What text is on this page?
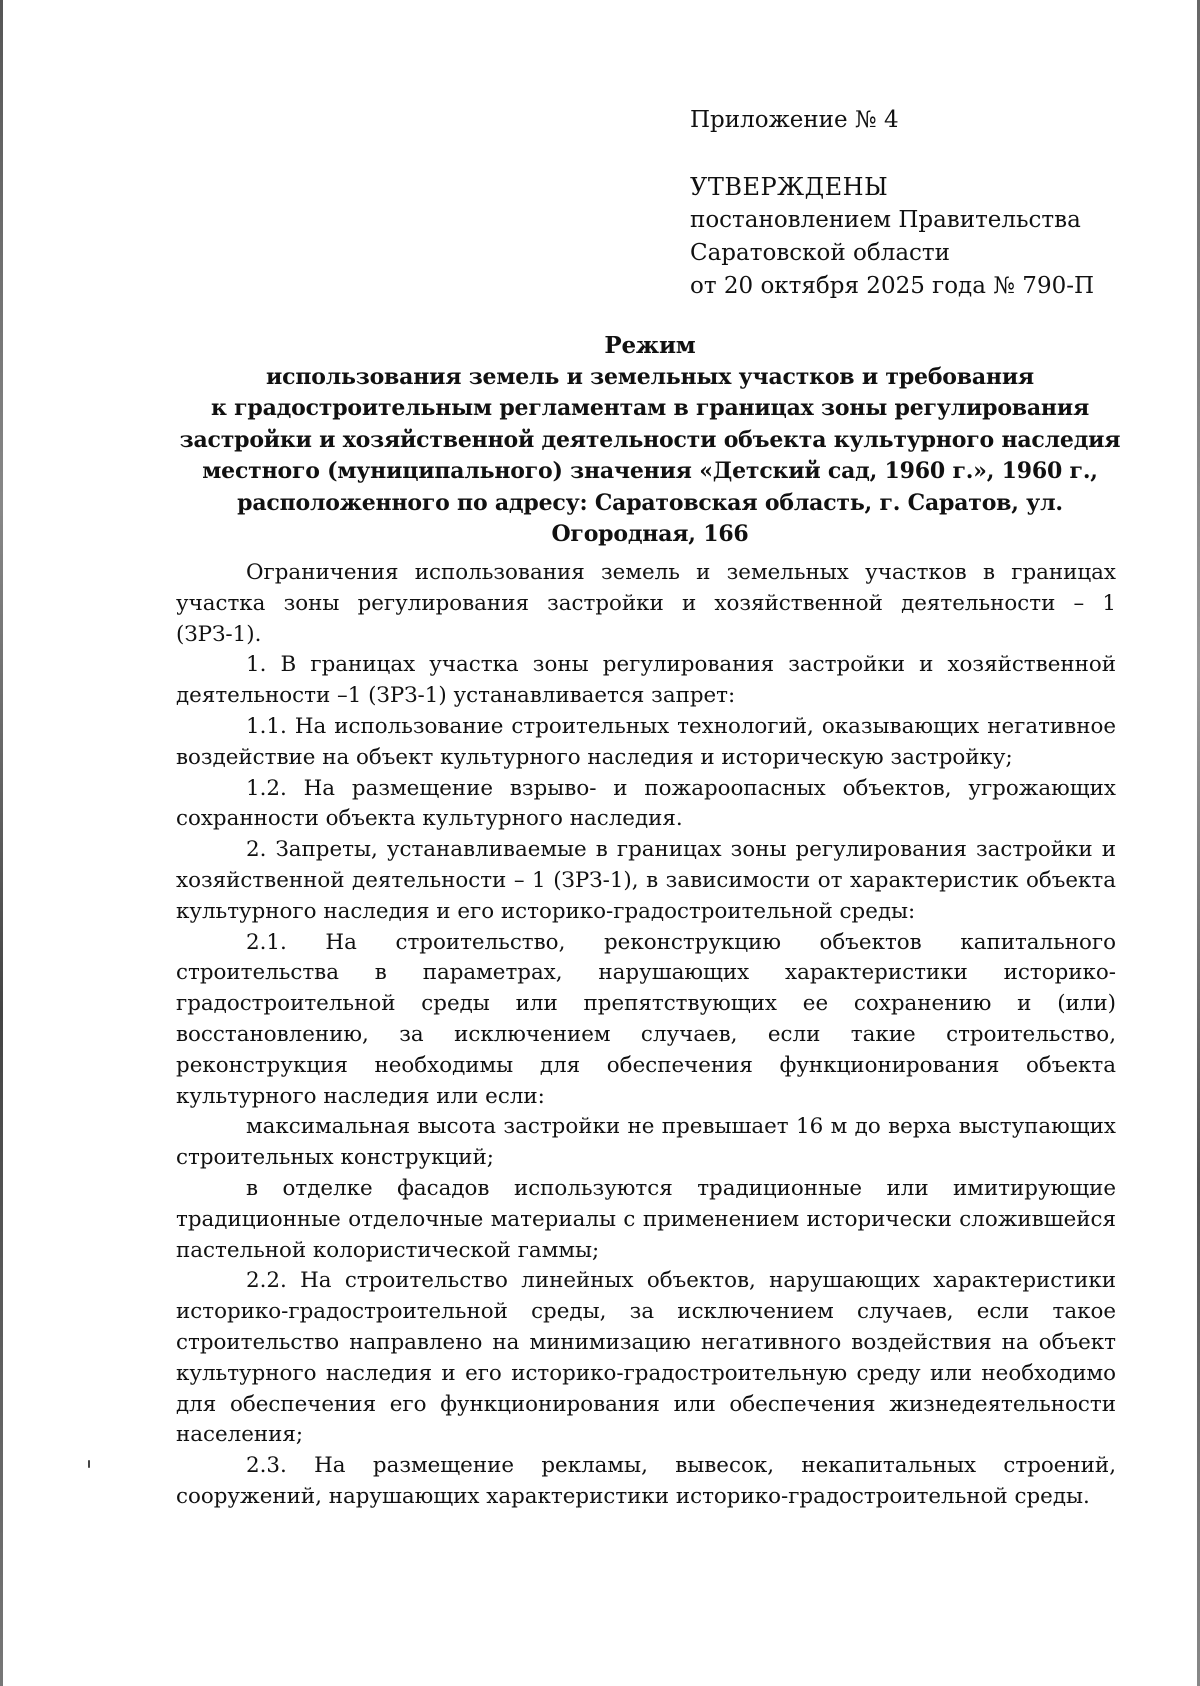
Приложение № 4
УТВЕРЖДЕНЫ
постановлением Правительства
Саратовской области
от 20 октября 2025 года № 790-П
Режим
использования земель и земельных участков и требования
к градостроительным регламентам в границах зоны регулирования
застройки и хозяйственной деятельности объекта культурного наследия
местного (муниципального) значения «Детский сад, 1960 г.», 1960 г.,
расположенного по адресу: Саратовская область, г. Саратов, ул. Огородная, 166

Ограничения использования земель и земельных участков в границах участка зоны регулирования застройки и хозяйственной деятельности – 1 (ЗРЗ-1).

1. В границах участка зоны регулирования застройки и хозяйственной деятельности –1 (ЗРЗ-1) устанавливается запрет:

1.1. На использование строительных технологий, оказывающих негативное воздействие на объект культурного наследия и историческую застройку;

1.2. На размещение взрыво- и пожароопасных объектов, угрожающих сохранности объекта культурного наследия.

2. Запреты, устанавливаемые в границах зоны регулирования застройки и хозяйственной деятельности – 1 (ЗРЗ-1), в зависимости от характеристик объекта культурного наследия и его историко-градостроительной среды:

2.1. На строительство, реконструкцию объектов капитального строительства в параметрах, нарушающих характеристики историко-градостроительной среды или препятствующих ее сохранению и (или) восстановлению, за исключением случаев, если такие строительство, реконструкция необходимы для обеспечения функционирования объекта культурного наследия или если:

максимальная высота застройки не превышает 16 м до верха выступающих строительных конструкций;

в отделке фасадов используются традиционные или имитирующие традиционные отделочные материалы с применением исторически сложившейся пастельной колористической гаммы;

2.2. На строительство линейных объектов, нарушающих характеристики историко-градостроительной среды, за исключением случаев, если такое строительство направлено на минимизацию негативного воздействия на объект культурного наследия и его историко-градостроительную среду или необходимо для обеспечения его функционирования или обеспечения жизнедеятельности населения;

2.3. На размещение рекламы, вывесок, некапитальных строений, сооружений, нарушающих характеристики историко-градостроительной среды.
